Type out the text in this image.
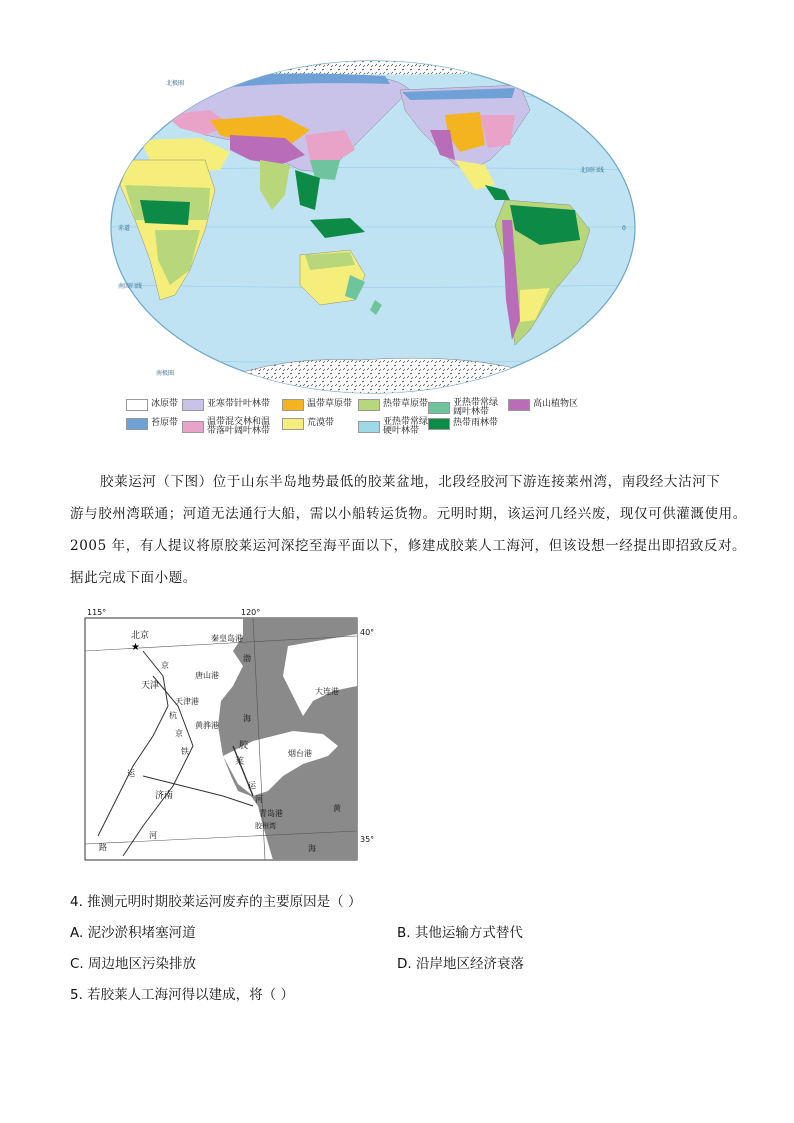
北极圈
北回归线
赤道	0
南回归线
南极圈
冰原带	亚寒带针叶林带	温带草原带	热带草原带	亚热带常绿
阔叶林带
高山植物区
苔原带	温带混交林和温
带落叶阔叶林带
荒漠带	亚热带常绿
硬叶林带
热带雨林带
胶莱运河（下图）位于山东半岛地势最低的胶莱盆地，北段经胶河下游连接莱州湾，南段经大沽河下
游与胶州湾联通；河道无法通行大船，需以小船转运货物。元明时期，该运河几经兴废，现仅可供灌溉使用。
2005 年，有人提议将原胶莱运河深挖至海平面以下，修建成胶莱人工海河，但该设想一经提出即招致反对。
据此完成下面小题。
★
115°	120°
40°
35°
北京
天津
秦皇岛港
唐山港
天津港
黄骅港
大连港
烟台港
青岛港
胶州湾
济南
渤
海
黄
海
京
杭
运
河
胶
莱
运
河
京
铁
路
4. 推测元明时期胶莱运河废弃的主要原因是（ ）
A. 泥沙淤积堵塞河道	B. 其他运输方式替代
C. 周边地区污染排放	D. 沿岸地区经济衰落
5. 若胶莱人工海河得以建成，将（ ）
